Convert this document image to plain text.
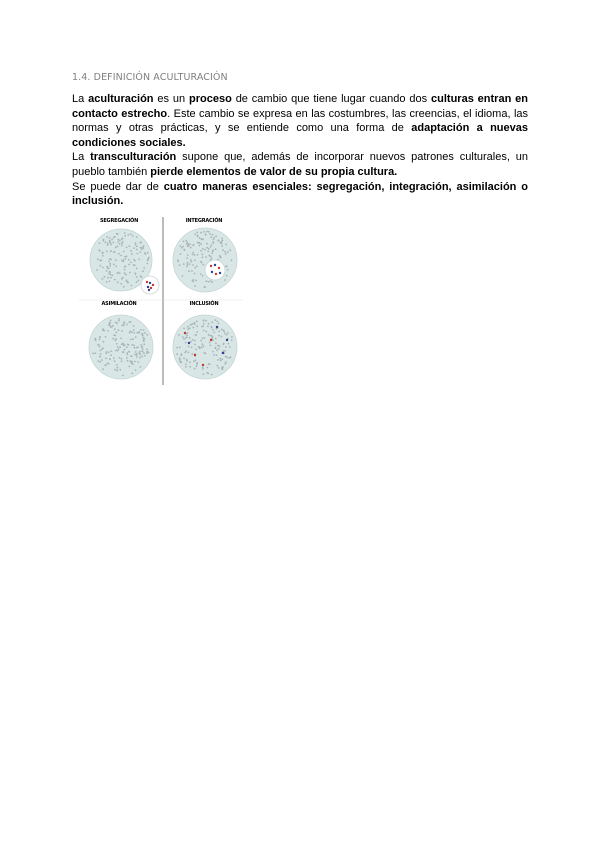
1.4. DEFINICIÓN ACULTURACIÓN

La aculturación es un proceso de cambio que tiene lugar cuando dos culturas entran en contacto estrecho. Este cambio se expresa en las costumbres, las creencias, el idioma, las normas y otras prácticas, y se entiende como una forma de adaptación a nuevas condiciones sociales.

La transculturación supone que, además de incorporar nuevos patrones culturales, un pueblo también pierde elementos de valor de su propia cultura.

Se puede dar de cuatro maneras esenciales: segregación, integración, asimilación o inclusión.

SEGREGACIÓN	INTEGRACIÓN
ASIMILACIÓN	INCLUSIÓN
